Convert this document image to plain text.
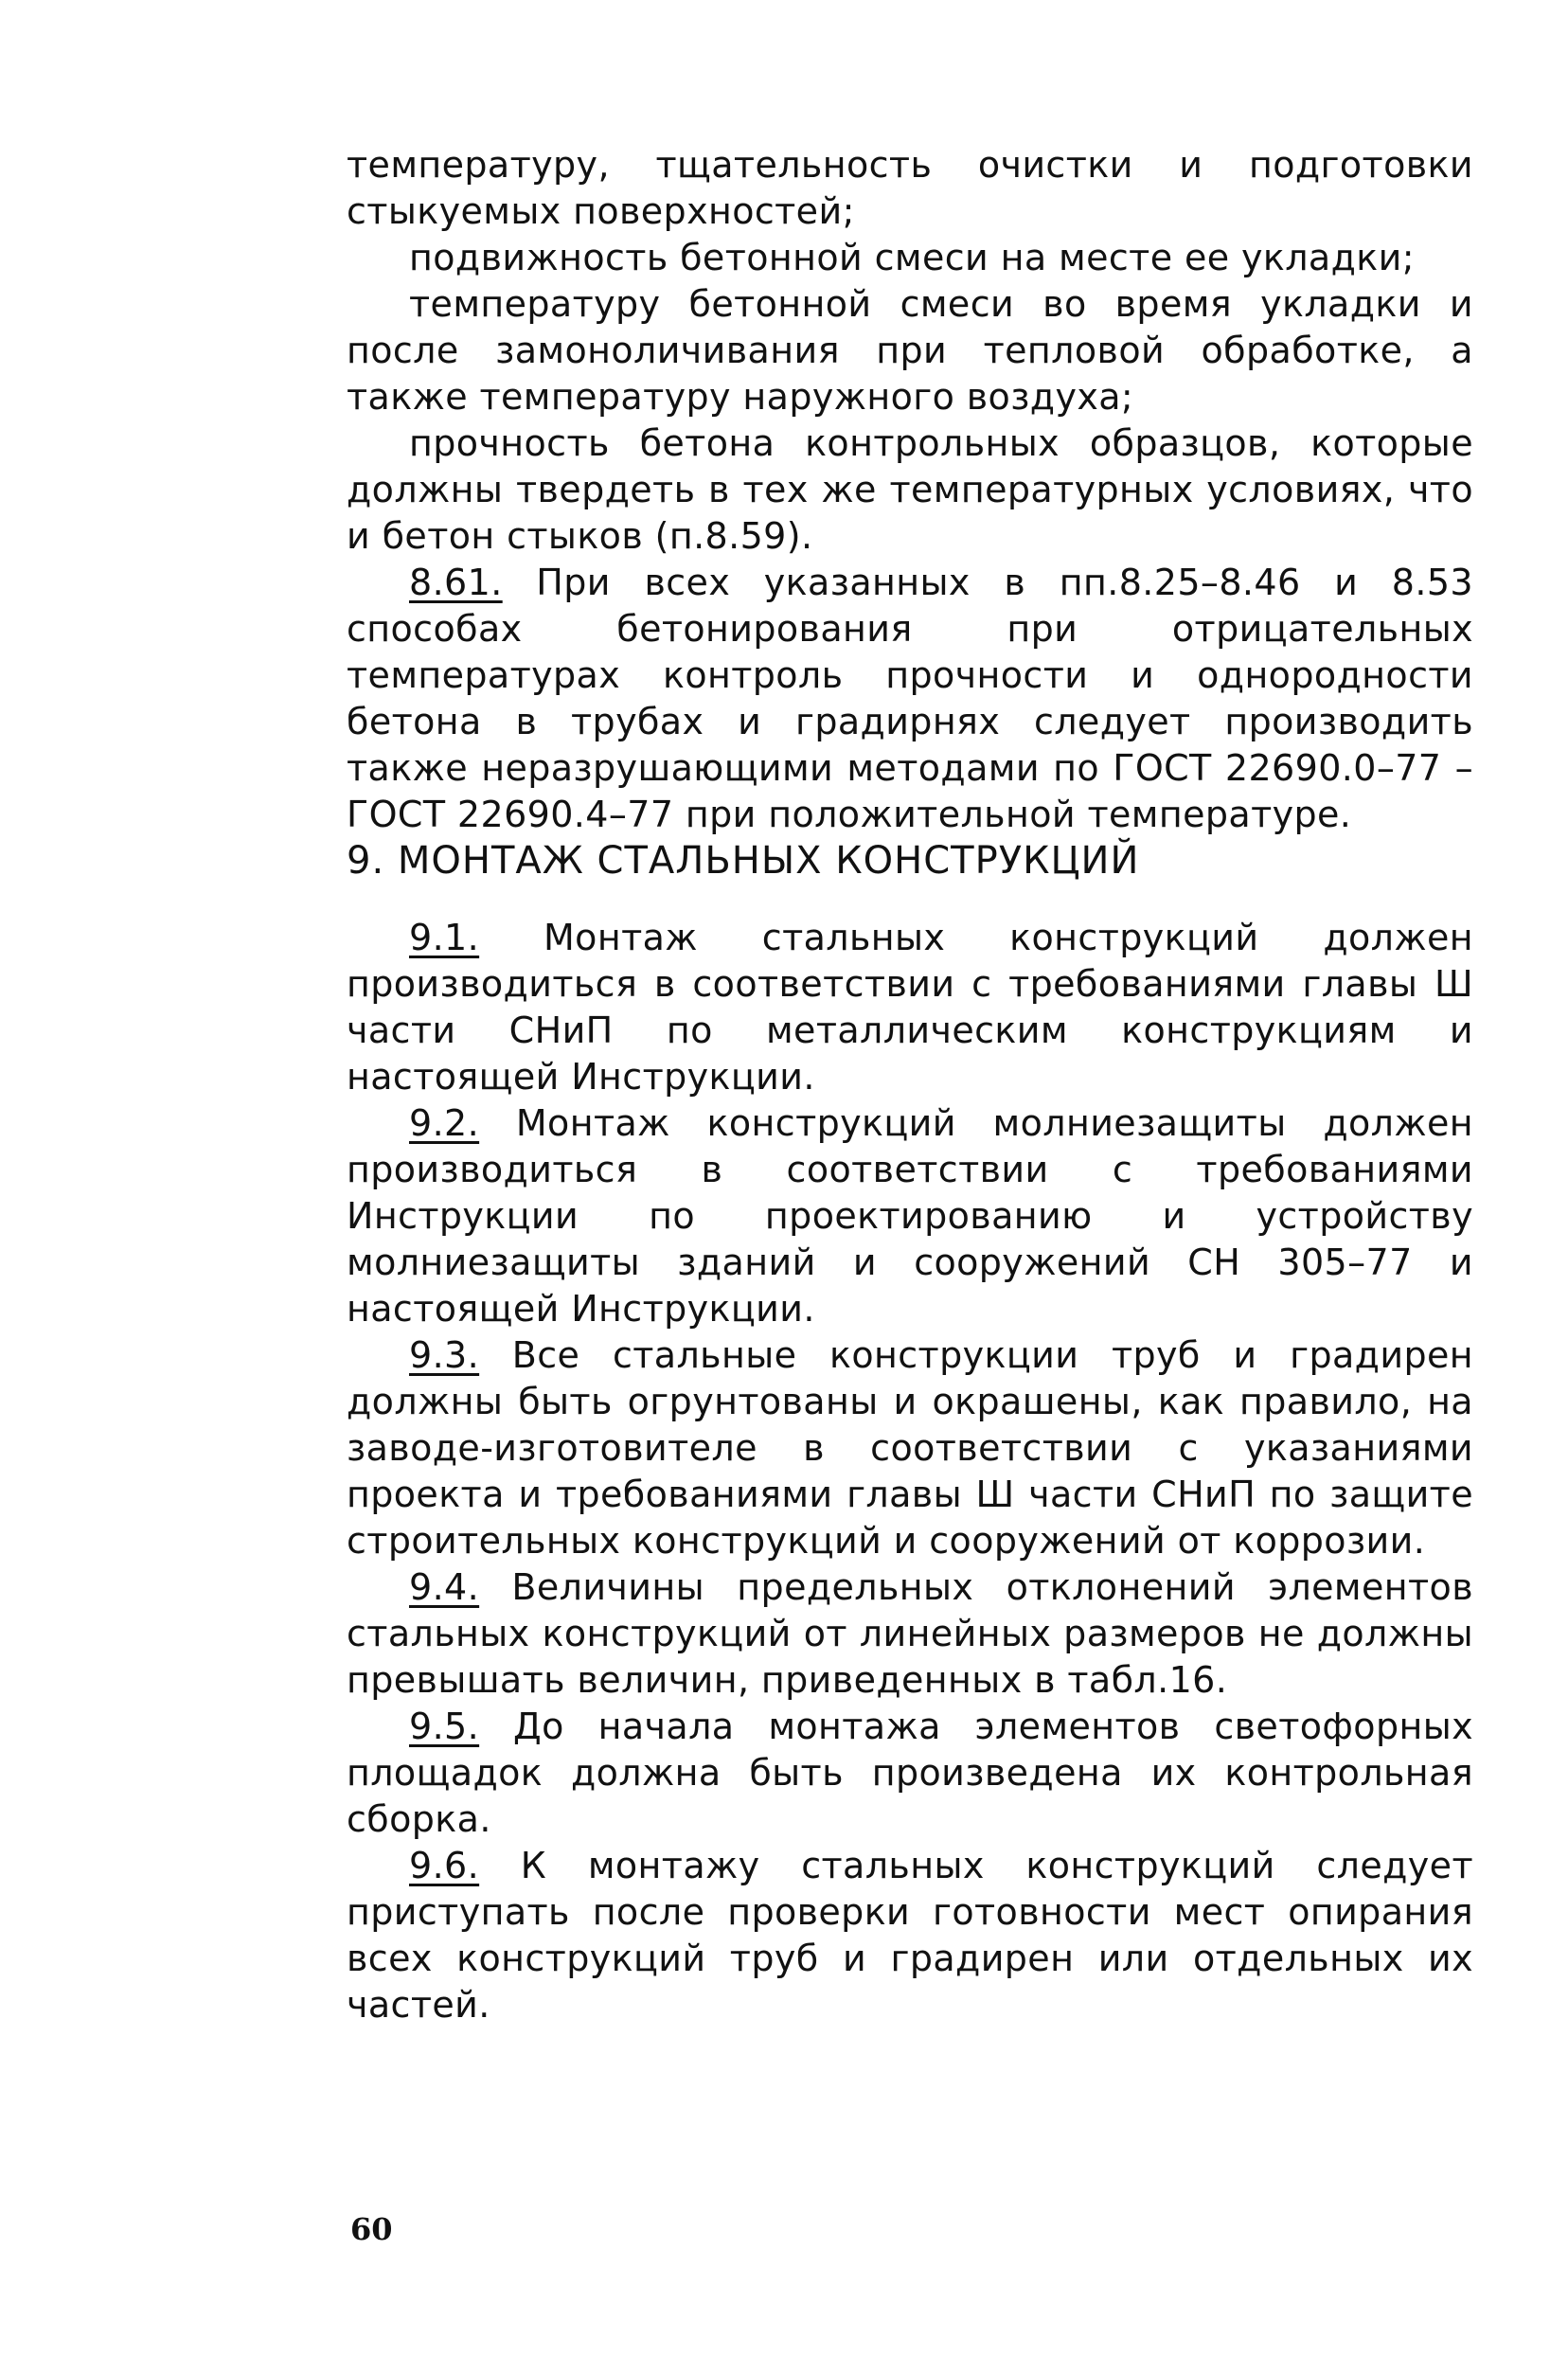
температуру, тщательность очистки и подготовки стыкуемых поверхностей;

подвижность бетонной смеси на месте ее укладки;

температуру бетонной смеси во время укладки и после замоноличивания при тепловой обработке, а также температуру наружного воздуха;

прочность бетона контрольных образцов, которые должны твердеть в тех же температурных условиях, что и бетон стыков (п.8.59).

8.61. При всех указанных в пп.8.25–8.46 и 8.53 способах бетонирования при отрицательных температурах контроль прочности и однородности бетона в трубах и градирнях следует производить также неразрушающими методами по ГОСТ 22690.0–77 – ГОСТ 22690.4–77 при положительной температуре.

9. МОНТАЖ СТАЛЬНЫХ КОНСТРУКЦИЙ

9.1. Монтаж стальных конструкций должен производиться в соответствии с требованиями главы Ш части СНиП по металлическим конструкциям и настоящей Инструкции.

9.2. Монтаж конструкций молниезащиты должен производиться в соответствии с требованиями Инструкции по проектированию и устройству молниезащиты зданий и сооружений СН 305–77 и настоящей Инструкции.

9.3. Все стальные конструкции труб и градирен должны быть огрунтованы и окрашены, как правило, на заводе-изготовителе в соответствии с указаниями проекта и требованиями главы Ш части СНиП по защите строительных конструкций и сооружений от коррозии.

9.4. Величины предельных отклонений элементов стальных конструкций от линейных размеров не должны превышать величин, приведенных в табл.16.

9.5. До начала монтажа элементов светофорных площадок должна быть произведена их контрольная сборка.

9.6. К монтажу стальных конструкций следует приступать после проверки готовности мест опирания всех конструкций труб и градирен или отдельных их частей.

60
